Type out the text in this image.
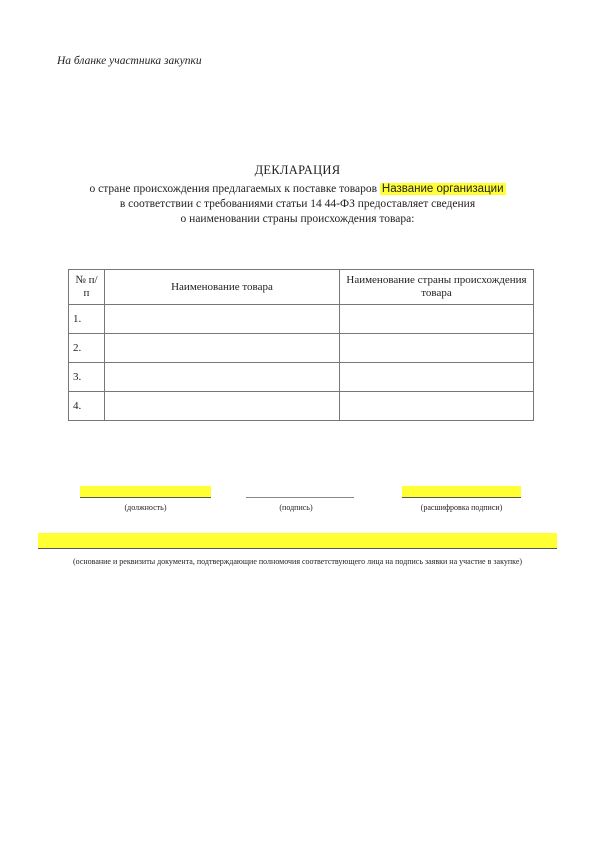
На бланке участника закупки
ДЕКЛАРАЦИЯ
о стране происхождения предлагаемых к поставке товаров Название организации
в соответствии с требованиями статьи 14 44-ФЗ предоставляет сведения
о наименовании страны происхождения товара:
№ п/п	Наименование товара	Наименование страны происхождения товара
1.		
2.		
3.		
4.		
(должность)	(подпись)	(расшифровка подписи)
(основание и реквизиты документа, подтверждающие полномочия соответствующего лица на подпись заявки на участие в закупке)
